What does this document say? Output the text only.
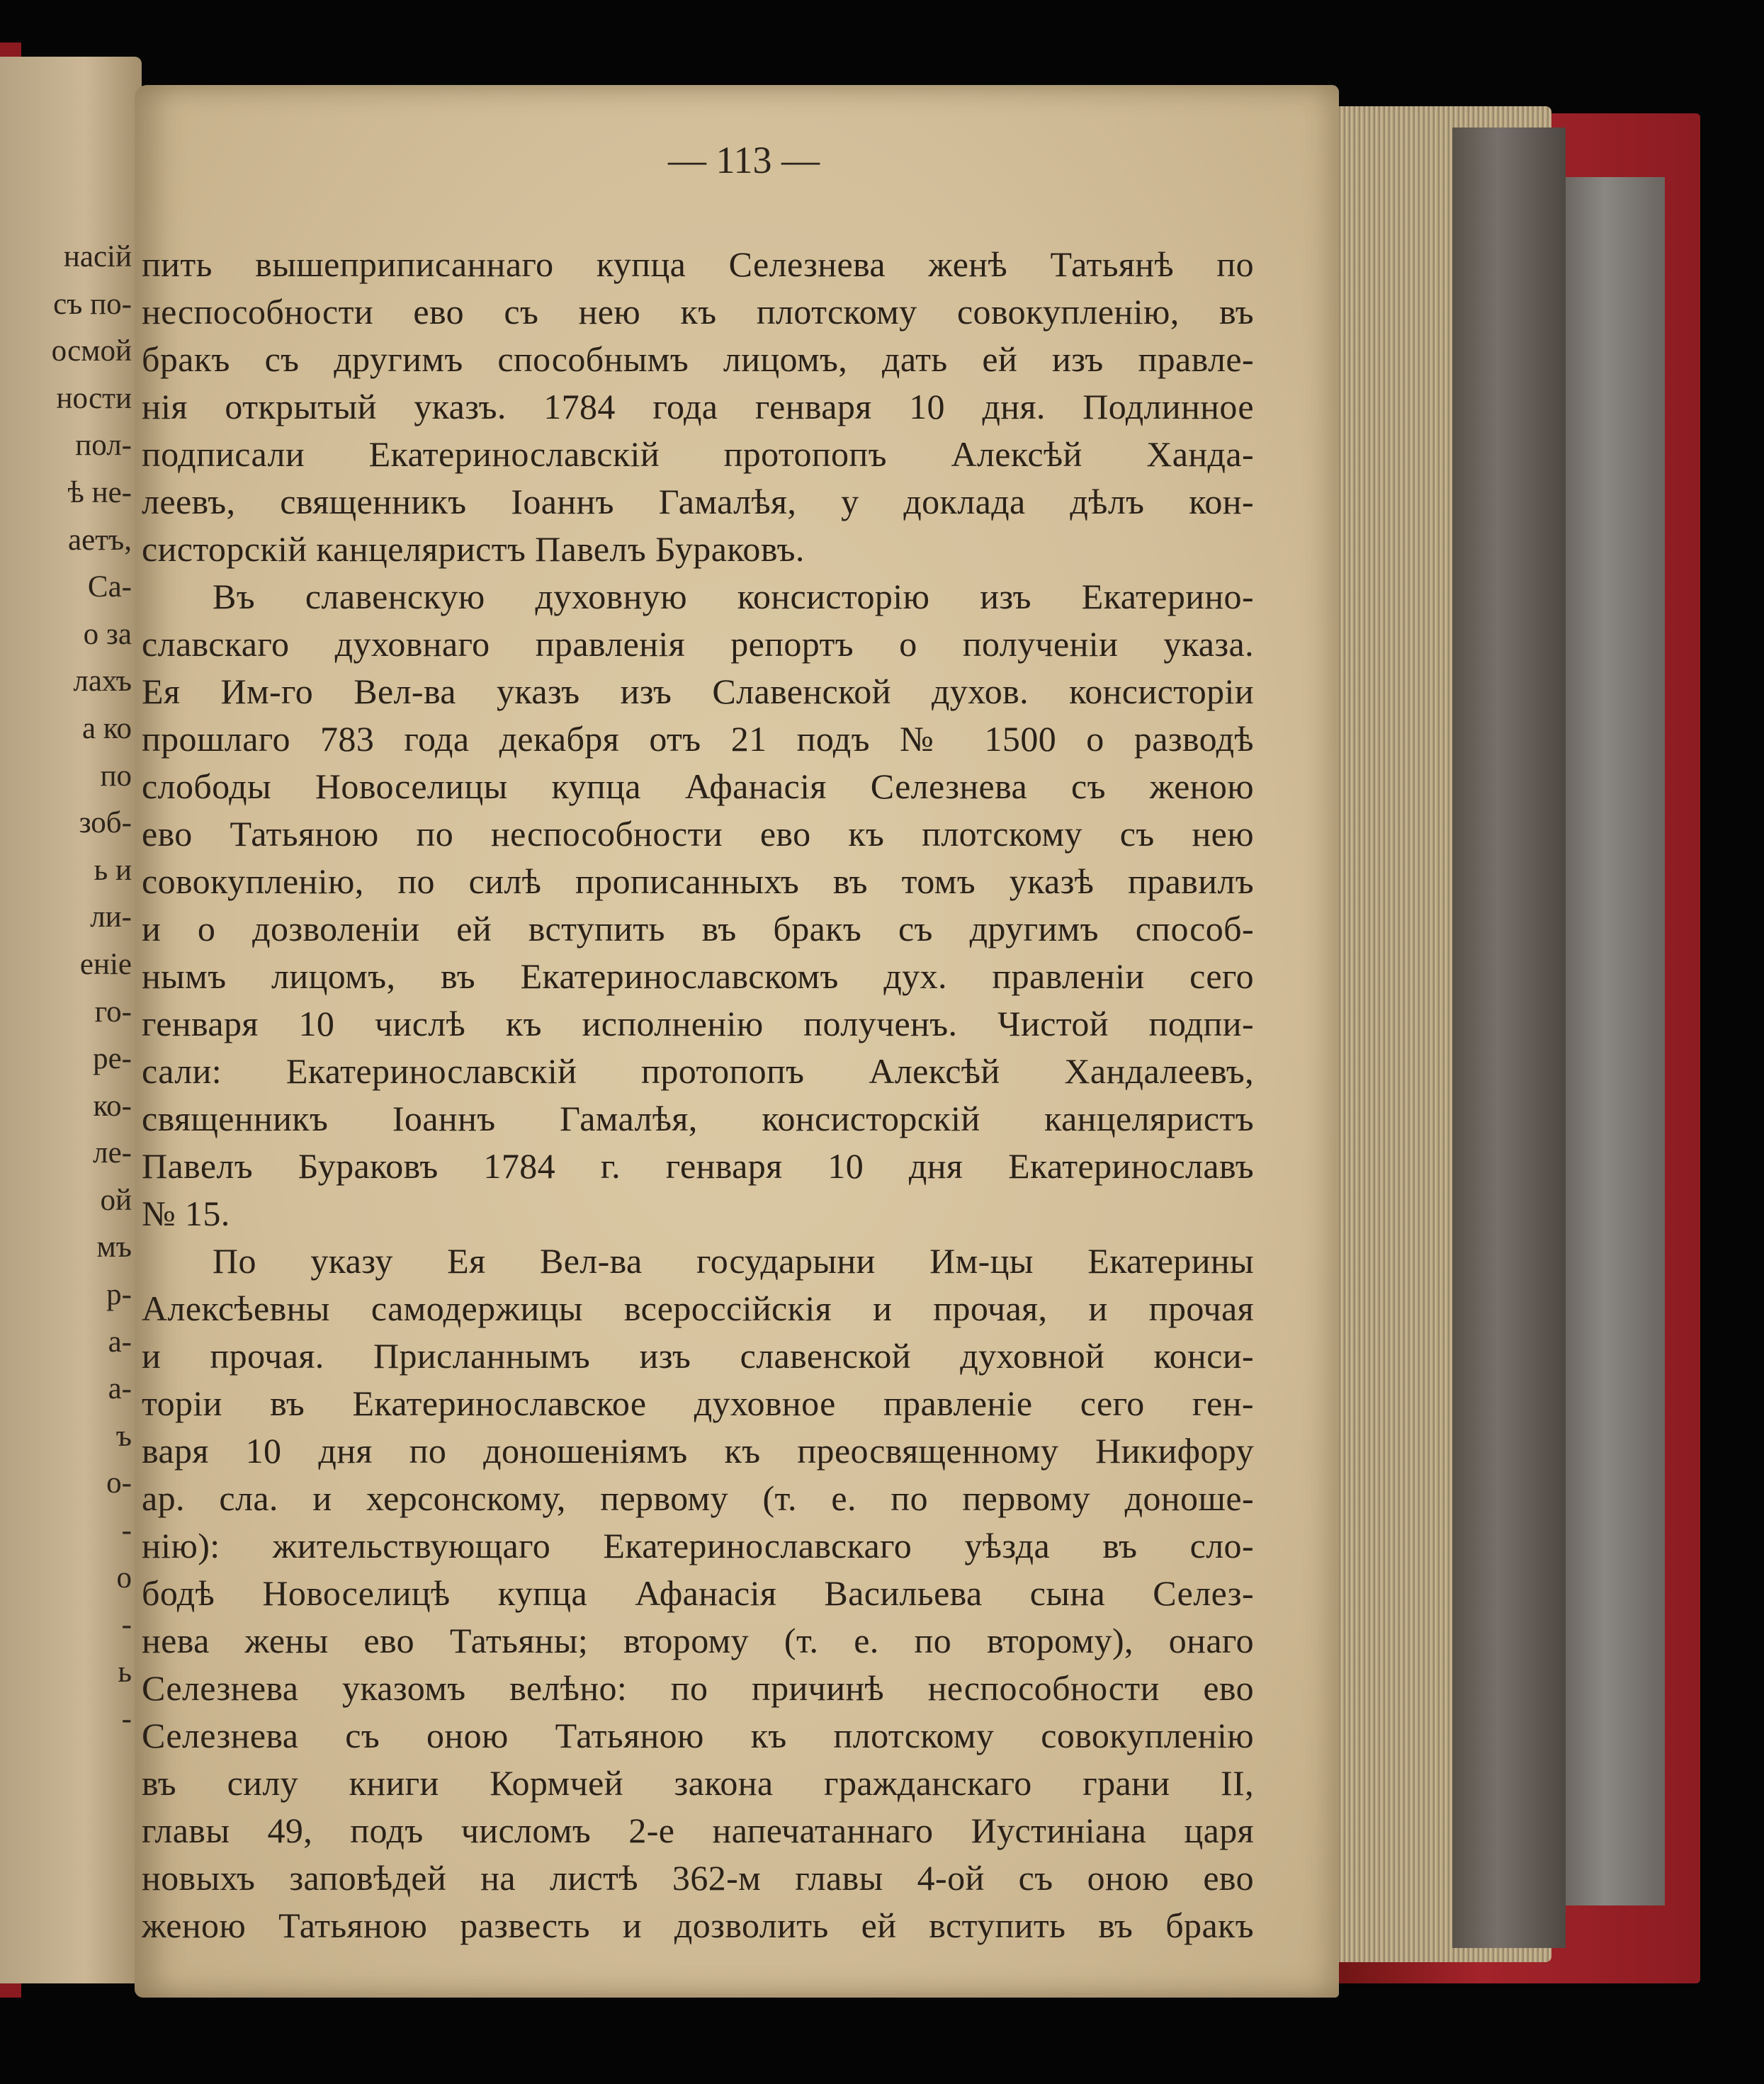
насій
съ по-
осмой
ности
пол-
ѣ не-
аетъ,
Са-
о за
лахъ
а ко
по
зоб-
ь и
ли-
еніе
го-
ре-
ко-
ле-
ой
мъ
р-
а-
а-
ъ
о-
-
о
-
ь
-
— 113 —
пить вышеприписаннаго купца Селезнева женѣ Татьянѣ по
неспособности ево съ нею къ плотскому совокупленію, въ
бракъ съ другимъ способнымъ лицомъ, дать ей изъ правле-
нія открытый указъ. 1784 года генваря 10 дня. Подлинное
подписали Екатеринославскій протопопъ Алексѣй Ханда-
леевъ, священникъ Іоаннъ Гамалѣя, у доклада дѣлъ кон-
систорскій канцеляристъ Павелъ Бураковъ.
Въ славенскую духовную консисторію изъ Екатерино-
славскаго духовнаго правленія репортъ о полученіи указа.
Ея Им-го Вел-ва указъ изъ Славенской духов. консисторіи
прошлаго 783 года декабря отъ 21 подъ № 1500 о разводѣ
слободы Новоселицы купца Афанасія Селезнева съ женою
ево Татьяною по неспособности ево къ плотскому съ нею
совокупленію, по силѣ прописанныхъ въ томъ указѣ правилъ
и о дозволеніи ей вступить въ бракъ съ другимъ способ-
нымъ лицомъ, въ Екатеринославскомъ дух. правленіи сего
генваря 10 числѣ къ исполненію полученъ. Чистой подпи-
сали: Екатеринославскій протопопъ Алексѣй Хандалеевъ,
священникъ Іоаннъ Гамалѣя, консисторскій канцеляристъ
Павелъ Бураковъ 1784 г. генваря 10 дня Екатеринославъ
№ 15.
По указу Ея Вел-ва государыни Им-цы Екатерины
Алексѣевны самодержицы всероссійскія и прочая, и прочая
и прочая. Присланнымъ изъ славенской духовной конси-
торіи въ Екатеринославское духовное правленіе сего ген-
варя 10 дня по доношеніямъ къ преосвященному Никифору
ар. сла. и херсонскому, первому (т. е. по первому доноше-
нію): жительствующаго Екатеринославскаго уѣзда въ сло-
бодѣ Новоселицѣ купца Афанасія Васильева сына Селез-
нева жены ево Татьяны; второму (т. е. по второму), онаго
Селезнева указомъ велѣно: по причинѣ неспособности ево
Селезнева съ оною Татьяною къ плотскому совокупленію
въ силу книги Кормчей закона гражданскаго грани II,
главы 49, подъ числомъ 2-е напечатаннаго Иустиніана царя
новыхъ заповѣдей на листѣ 362-м главы 4-ой съ оною ево
женою Татьяною развесть и дозволить ей вступить въ бракъ
